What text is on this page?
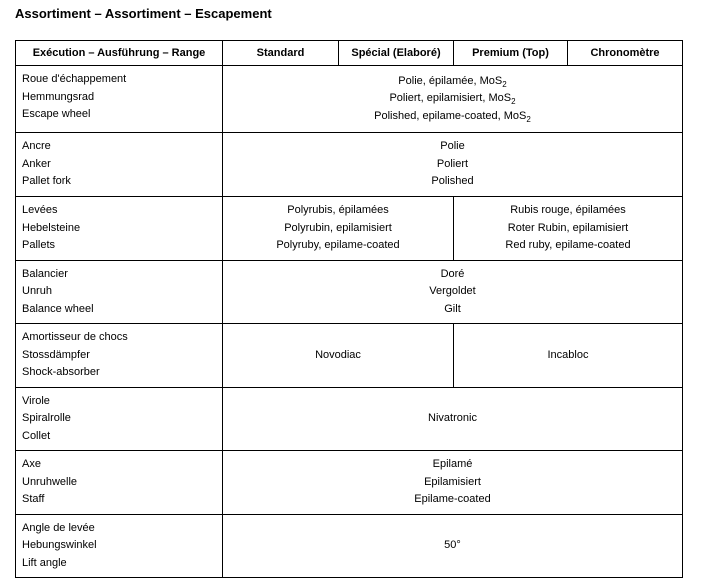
Assortiment – Assortiment – Escapement
Exécution – Ausführung – Range	Standard	Spécial (Elaboré)	Premium (Top)	Chronomètre

Roue d'échappement
Hemmungsrad
Escape wheel	Polie, épilamée, MoS$_2$
Poliert, epilamisiert, MoS$_2$
Polished, epilame-coated, MoS$_2$

Ancre
Anker
Pallet fork	Polie
Poliert
Polished			

Levées
Hebelsteine
Pallets	Polyrubis, épilamées
Polyrubin, epilamisiert
Polyruby, epilame-coated		Rubis rouge, épilamées
Roter Rubin, epilamisiert
Red ruby, epilame-coated	

Balancier
Unruh
Balance wheel	Doré
Vergoldet
Gilt			

Amortisseur de chocs
Stossdämpfer
Shock-absorber	Novodiac		Incabloc	

Virole
Spiralrolle
Collet	Nivatronic			

Axe
Unruhwelle
Staff	Epilamé
Epilamisiert
Epilame-coated			

Angle de levée
Hebungswinkel
Lift angle	50°			
